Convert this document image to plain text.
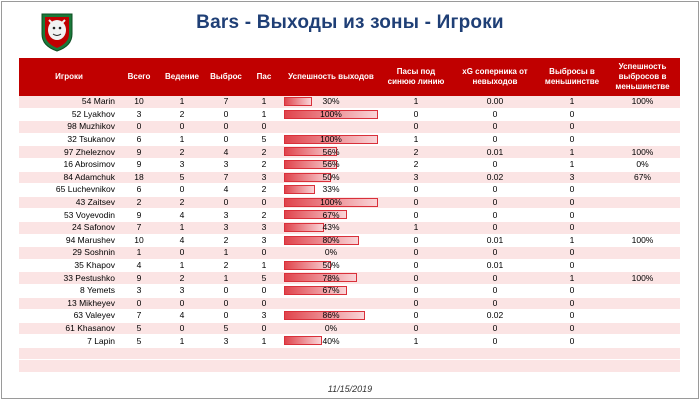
Bars - Выходы из зоны - Игроки
Игроки	Всего	Ведение	Выброс	Пас	Успешность выходов	Пасы под синюю линию	xG соперника от невыходов	Выбросы в меньшинстве	Успешность выбросов в меньшинстве
54 Marin	10	1	7	1	30%	1	0.00	1	100%
52 Lyakhov	3	2	0	1	100%	0	0	0	
98 Muzhikov	0	0	0	0		0	0	0	
32 Tsukanov	6	1	0	5	100%	1	0	0	
97 Zheleznov	9	2	4	2	56%	2	0.01	1	100%
16 Abrosimov	9	3	3	2	56%	2	0	1	0%
84 Adamchuk	18	5	7	3	50%	3	0.02	3	67%
65 Luchevnikov	6	0	4	2	33%	0	0	0	
43 Zaitsev	2	2	0	0	100%	0	0	0	
53 Voyevodin	9	4	3	2	67%	0	0	0	
24 Safonov	7	1	3	3	43%	1	0	0	
94 Marushev	10	4	2	3	80%	0	0.01	1	100%
29 Soshnin	1	0	1	0	0%	0	0	0	
35 Khapov	4	1	2	1	50%	0	0.01	0	
33 Pestushko	9	2	1	5	78%	0	0	1	100%
8 Yemets	3	3	0	0	67%	0	0	0	
13 Mikheyev	0	0	0	0		0	0	0	
63 Valeyev	7	4	0	3	86%	0	0.02	0	
61 Khasanov	5	0	5	0	0%	0	0	0	
7 Lapin	5	1	3	1	40%	1	0	0	

11/15/2019
